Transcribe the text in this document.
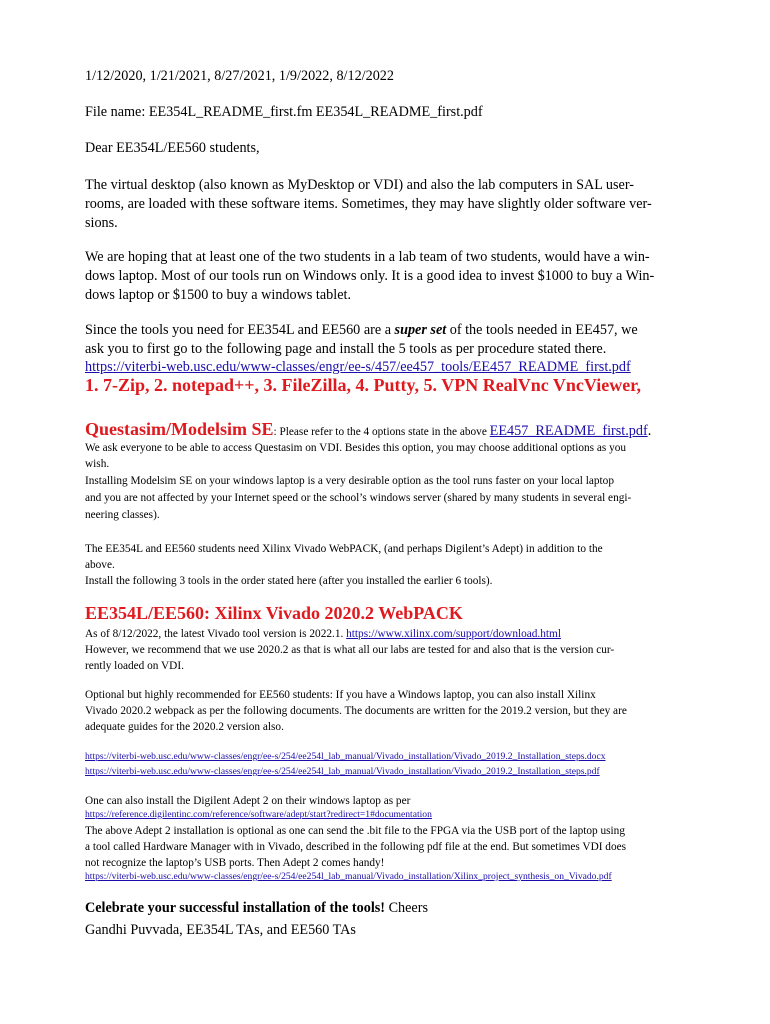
1/12/2020, 1/21/2021, 8/27/2021, 1/9/2022, 8/12/2022
File name: EE354L_README_first.fm EE354L_README_first.pdf
Dear EE354L/EE560 students,
The virtual desktop (also known as MyDesktop or VDI) and also the lab computers in SAL user-
rooms, are loaded with these software items. Sometimes, they may have slightly older software ver-
sions.
We are hoping that at least one of the two students in a lab team of two students, would have a win-
dows laptop. Most of our tools run on Windows only. It is a good idea to invest $1000 to buy a Win-
dows laptop or $1500 to buy a windows tablet.
Since the tools you need for EE354L and EE560 are a super set of the tools needed in EE457, we
ask you to first go to the following page and install the 5 tools as per procedure stated there.
https://viterbi-web.usc.edu/www-classes/engr/ee-s/457/ee457_tools/EE457_README_first.pdf
1. 7-Zip, 2. notepad++, 3. FileZilla, 4. Putty, 5. VPN RealVnc VncViewer,
Questasim/Modelsim SE: Please refer to the 4 options state in the above EE457_README_first.pdf.
We ask everyone to be able to access Questasim on VDI. Besides this option, you may choose additional options as you
wish.
Installing Modelsim SE on your windows laptop is a very desirable option as the tool runs faster on your local laptop
and you are not affected by your Internet speed or the school’s windows server (shared by many students in several engi-
neering classes).
The EE354L and EE560 students need Xilinx Vivado WebPACK, (and perhaps Digilent’s Adept) in addition to the
above.
Install the following 3 tools in the order stated here (after you installed the earlier 6 tools).
EE354L/EE560: Xilinx Vivado 2020.2 WebPACK
As of 8/12/2022, the latest Vivado tool version is 2022.1. https://www.xilinx.com/support/download.html
However, we recommend that we use 2020.2 as that is what all our labs are tested for and also that is the version cur-
rently loaded on VDI.
Optional but highly recommended for EE560 students: If you have a Windows laptop, you can also install Xilinx
Vivado 2020.2 webpack as per the following documents. The documents are written for the 2019.2 version, but they are
adequate guides for the 2020.2 version also.
https://viterbi-web.usc.edu/www-classes/engr/ee-s/254/ee254l_lab_manual/Vivado_installation/Vivado_2019.2_Installation_steps.docx
https://viterbi-web.usc.edu/www-classes/engr/ee-s/254/ee254l_lab_manual/Vivado_installation/Vivado_2019.2_Installation_steps.pdf
One can also install the Digilent Adept 2 on their windows laptop as per
https://reference.digilentinc.com/reference/software/adept/start?redirect=1#documentation
The above Adept 2 installation is optional as one can send the .bit file to the FPGA via the USB port of the laptop using
a tool called Hardware Manager with in Vivado, described in the following pdf file at the end. But sometimes VDI does
not recognize the laptop’s USB ports. Then Adept 2 comes handy!
https://viterbi-web.usc.edu/www-classes/engr/ee-s/254/ee254l_lab_manual/Vivado_installation/Xilinx_project_synthesis_on_Vivado.pdf
Celebrate your successful installation of the tools! Cheers
Gandhi Puvvada, EE354L TAs, and EE560 TAs
